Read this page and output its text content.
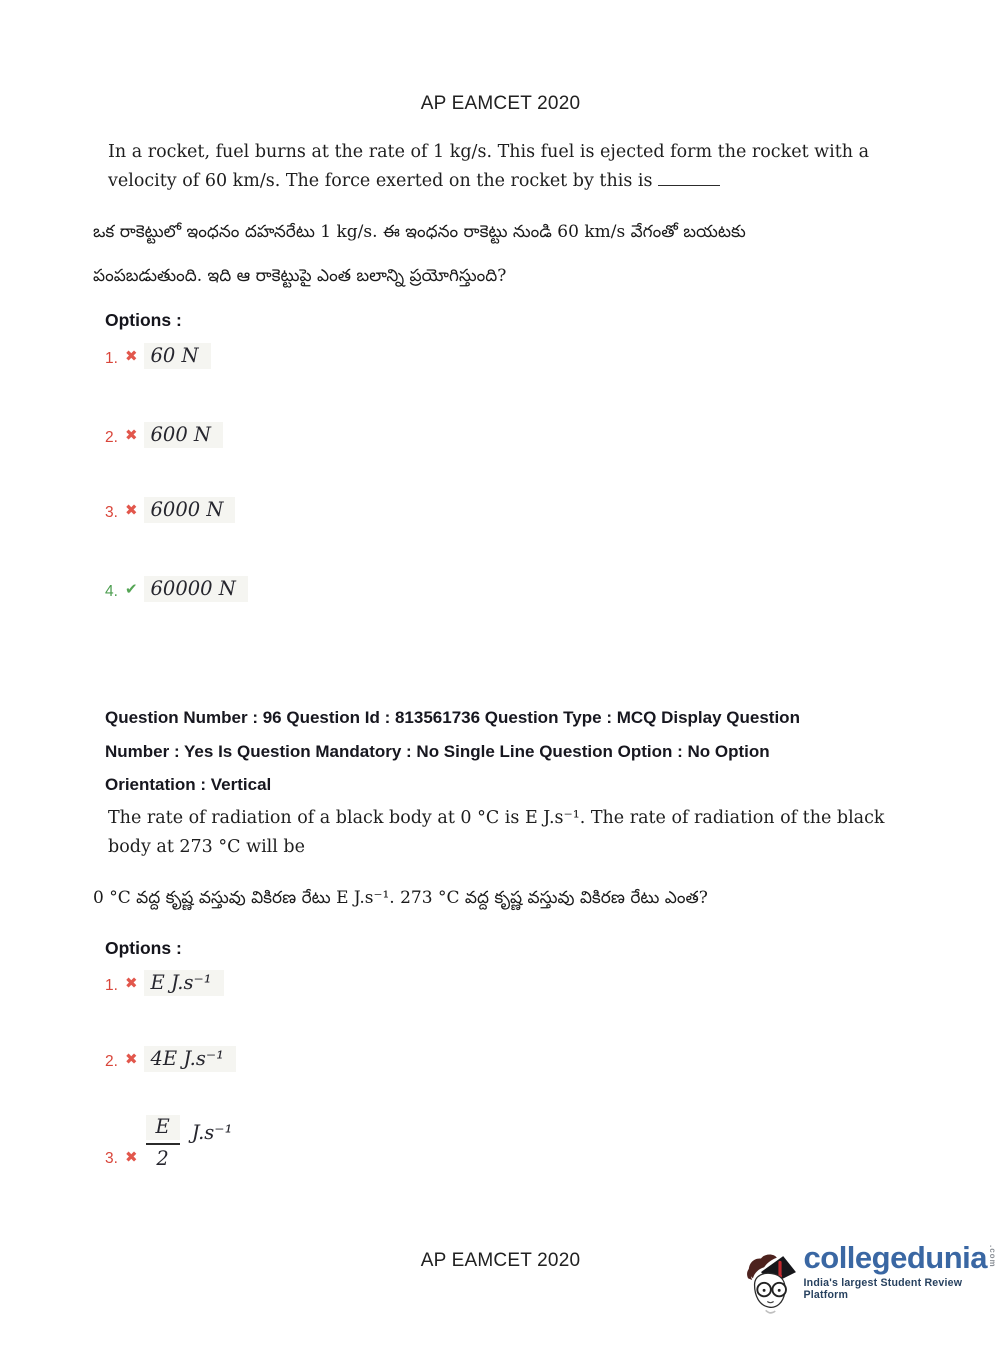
AP EAMCET 2020
In a rocket, fuel burns at the rate of 1 kg/s. This fuel is ejected form the rocket with a
velocity of 60 km/s. The force exerted on the rocket by this is
ఒక రాకెట్టులో ఇంధనం దహనరేటు 1 kg/s. ఈ ఇంధనం రాకెట్టు నుండి 60 km/s వేగంతో బయటకు
పంపబడుతుంది. ఇది ఆ రాకెట్టుపై ఎంత బలాన్ని ప్రయోగిస్తుంది?
Options :
1. ✖ 60 N
2. ✖ 600 N
3. ✖ 6000 N
4. ✔ 60000 N
Question Number : 96 Question Id : 813561736 Question Type : MCQ Display Question
Number : Yes Is Question Mandatory : No Single Line Question Option : No Option
Orientation : Vertical
The rate of radiation of a black body at 0 °C is E J.s⁻¹. The rate of radiation of the black
body at 273 °C will be
0 °C వద్ద కృష్ణ వస్తువు వికిరణ రేటు E J.s⁻¹. 273 °C వద్ద కృష్ణ వస్తువు వికిరణ రేటు ఎంత?
Options :
1. ✖ E J.s⁻¹
2. ✖ 4E J.s⁻¹
3. ✖ $\frac{E}{2} J.s^{-1}$
AP EAMCET 2020	collegedunia .com
India's largest Student Review Platform
